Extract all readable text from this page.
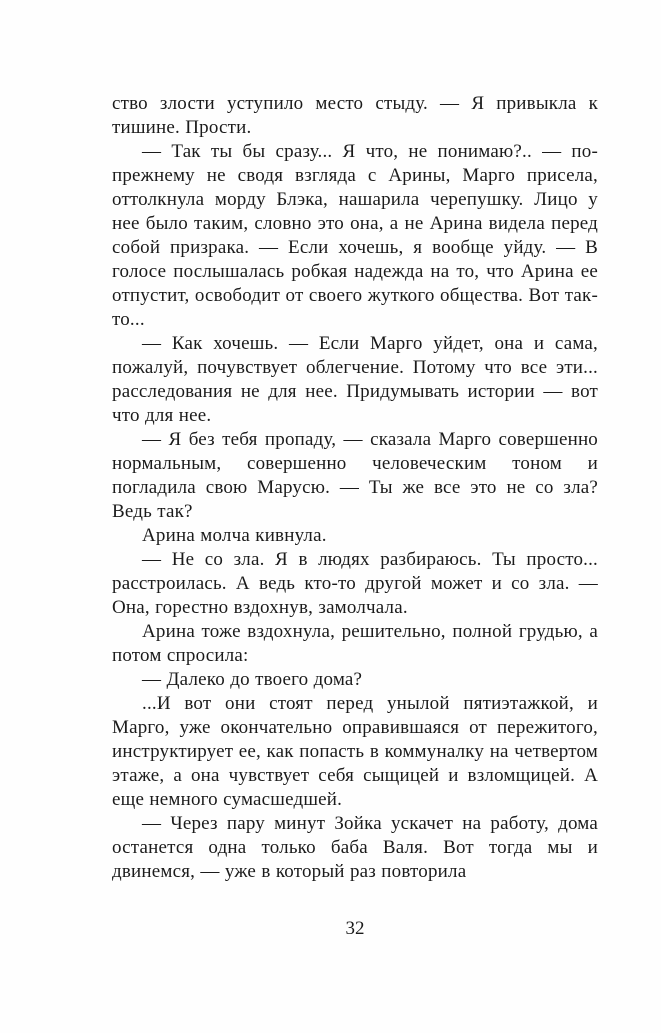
ство злости уступило место стыду. — Я привыкла к тишине. Прости.

— Так ты бы сразу... Я что, не понимаю?.. — по-прежнему не сводя взгляда с Арины, Марго присела, оттолкнула морду Блэка, нашарила черепушку. Лицо у нее было таким, словно это она, а не Арина видела перед собой призрака. — Если хочешь, я вообще уйду. — В голосе послышалась робкая надежда на то, что Арина ее отпустит, освободит от своего жуткого общества. Вот так-то...

— Как хочешь. — Если Марго уйдет, она и сама, пожалуй, почувствует облегчение. Потому что все эти... расследования не для нее. Придумывать истории — вот что для нее.

— Я без тебя пропаду, — сказала Марго совершенно нормальным, совершенно человеческим тоном и погладила свою Марусю. — Ты же все это не со зла? Ведь так?

Арина молча кивнула.

— Не со зла. Я в людях разбираюсь. Ты просто... расстроилась. А ведь кто-то другой может и со зла. — Она, горестно вздохнув, замолчала.

Арина тоже вздохнула, решительно, полной грудью, а потом спросила:

— Далеко до твоего дома?

...И вот они стоят перед унылой пятиэтажкой, и Марго, уже окончательно оправившаяся от пережитого, инструктирует ее, как попасть в коммуналку на четвертом этаже, а она чувствует себя сыщицей и взломщицей. А еще немного сумасшедшей.

— Через пару минут Зойка ускачет на работу, дома останется одна только баба Валя. Вот тогда мы и двинемся, — уже в который раз повторила

32
